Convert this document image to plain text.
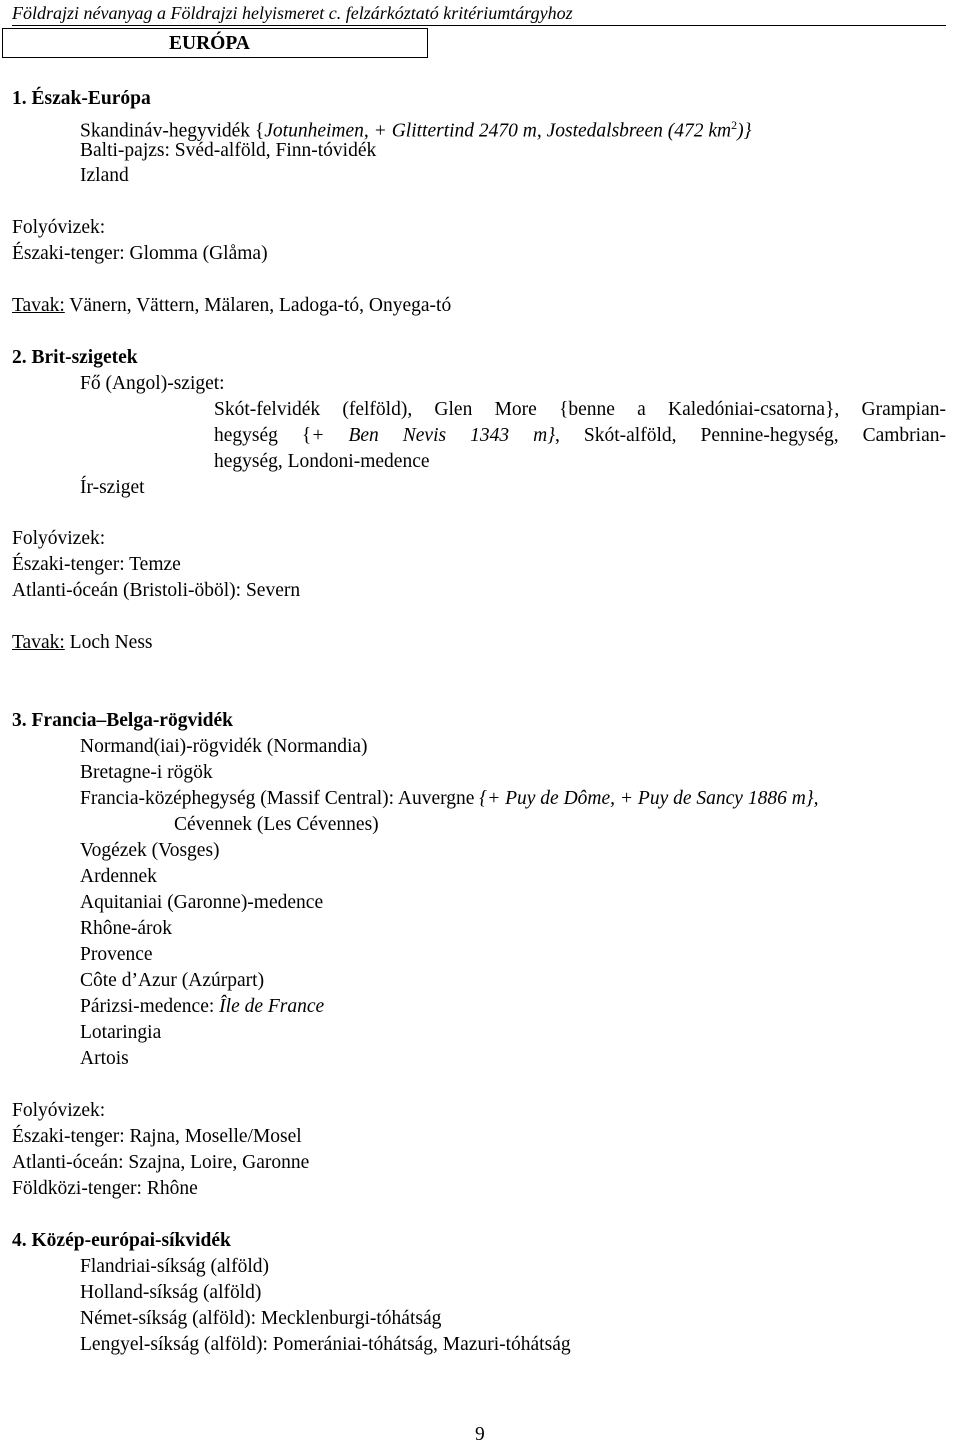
Földrajzi névanyag a Földrajzi helyismeret c. felzárkóztató kritériumtárgyhoz
EURÓPA
1. Észak-Európa
Skandináv-hegyvidék {Jotunheimen, + Glittertind 2470 m, Jostedalsbreen (472 $km^2$)}
Balti-pajzs: Svéd-alföld, Finn-tóvidék
Izland
Folyóvizek:
Északi-tenger: Glomma (Glåma)
Tavak: Vänern, Vättern, Mälaren, Ladoga-tó, Onyega-tó
2. Brit-szigetek
Fő (Angol)-sziget:
Skót-felvidék (felföld), Glen More {benne a Kaledóniai-csatorna}, Grampian-
hegység {+ Ben Nevis 1343 m}, Skót-alföld, Pennine-hegység, Cambrian-
hegység, Londoni-medence
Ír-sziget
Folyóvizek:
Északi-tenger: Temze
Atlanti-óceán (Bristoli-öböl): Severn
Tavak: Loch Ness
3. Francia–Belga-rögvidék
Normand(iai)-rögvidék (Normandia)
Bretagne-i rögök
Francia-középhegység (Massif Central): Auvergne {+ Puy de Dôme, + Puy de Sancy 1886 m},
Cévennek (Les Cévennes)
Vogézek (Vosges)
Ardennek
Aquitaniai (Garonne)-medence
Rhône-árok
Provence
Côte d’Azur (Azúrpart)
Párizsi-medence: Île de France
Lotaringia
Artois
Folyóvizek:
Északi-tenger: Rajna, Moselle/Mosel
Atlanti-óceán: Szajna, Loire, Garonne
Földközi-tenger: Rhône
4. Közép-európai-síkvidék
Flandriai-síkság (alföld)
Holland-síkság (alföld)
Német-síkság (alföld): Mecklenburgi-tóhátság
Lengyel-síkság (alföld): Pomerániai-tóhátság, Mazuri-tóhátság
9
